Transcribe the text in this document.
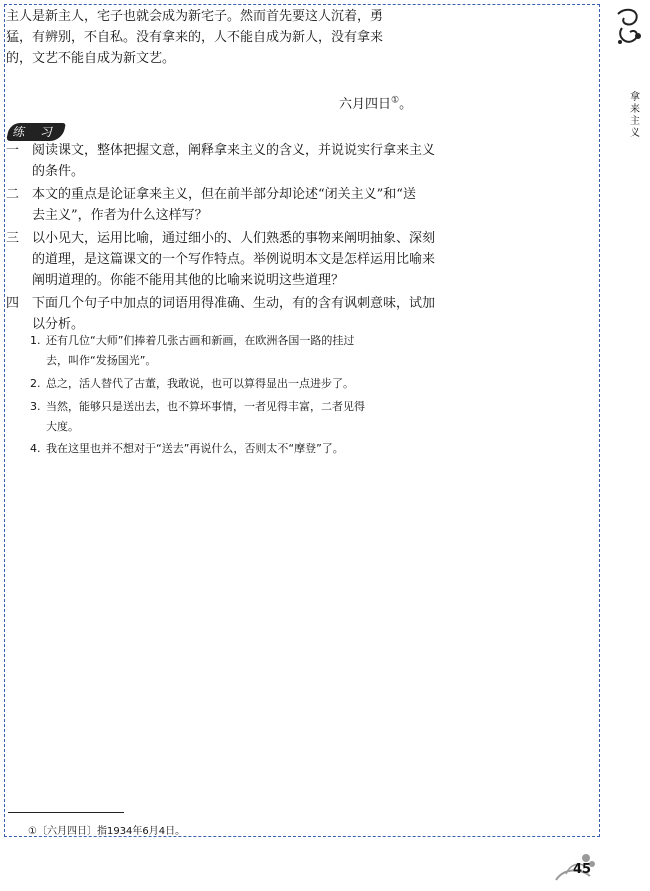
主人是新主人，宅子也就会成为新宅子。然而首先要这人沉着，勇

猛，有辨别，不自私。没有拿来的，人不能自成为新人，没有拿来

的，文艺不能自成为新文艺。

六月四日①。
练 习
一 阅读课文，整体把握文意，阐释拿来主义的含义，并说说实行拿来主义
的条件。
二 本文的重点是论证拿来主义，但在前半部分却论述“闭关主义”和“送
去主义”，作者为什么这样写？
三 以小见大，运用比喻，通过细小的、人们熟悉的事物来阐明抽象、深刻
的道理，是这篇课文的一个写作特点。举例说明本文是怎样运用比喻来
阐明道理的。你能不能用其他的比喻来说明这些道理？
四 下面几个句子中加点的词语用得准确、生动，有的含有讽刺意味，试加
以分析。
1. 还有几位“大师”们捧着几张古画和新画，在欧洲各国一路的挂过
去，叫作“发扬国光”。
2. 总之，活人替代了古董，我敢说，也可以算得显出一点进步了。
3. 当然，能够只是送出去，也不算坏事情，一者见得丰富，二者见得
大度。
4. 我在这里也并不想对于“送去”再说什么，否则太不“摩登”了。
拿来主义
①〔六月四日〕指1934年6月4日。
45
